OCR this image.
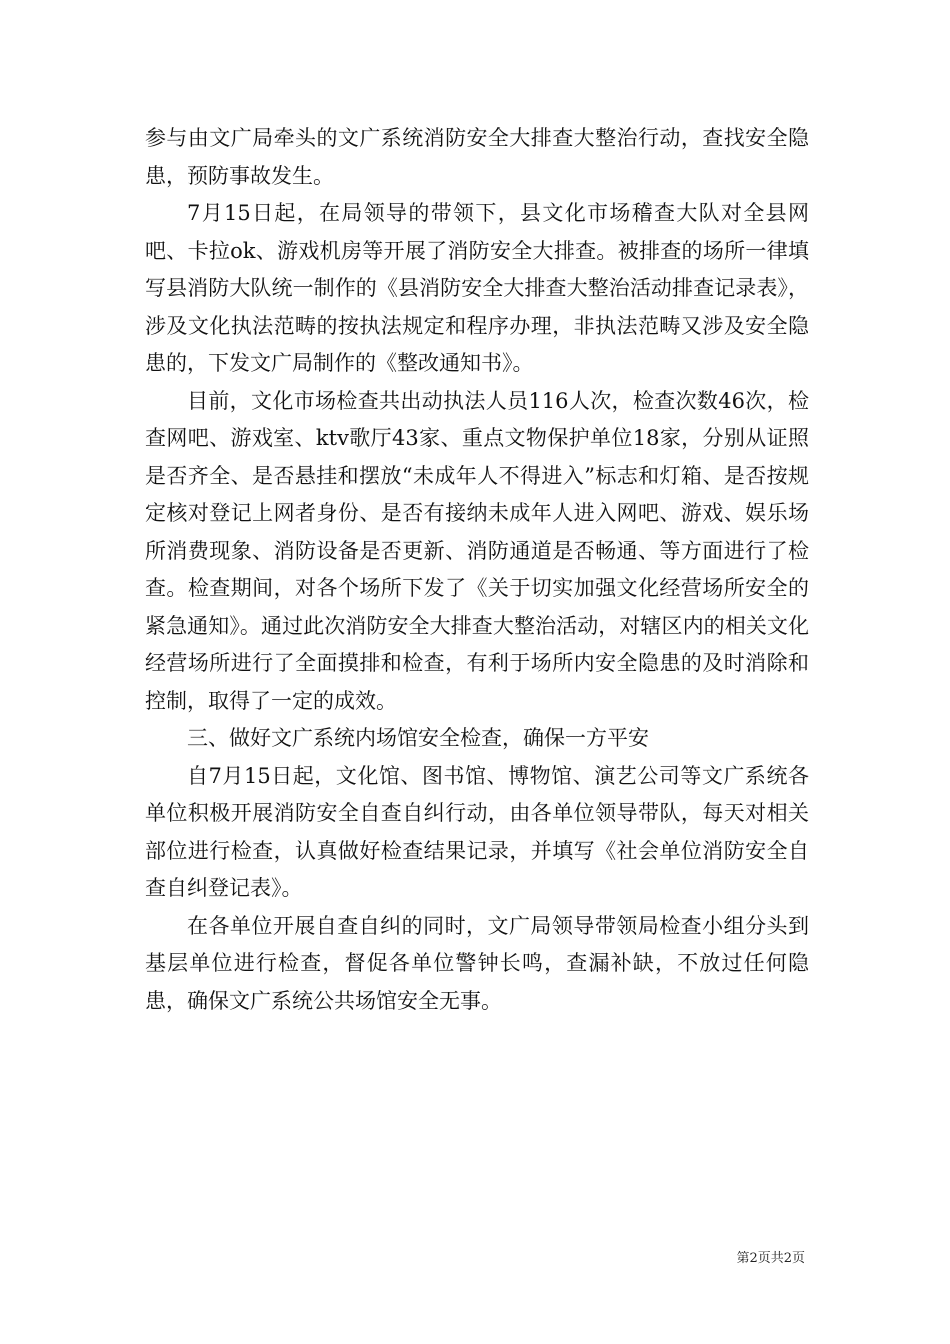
参与由文广局牵头的文广系统消防安全大排查大整治行动，查找安全隐患，预防事故发生。

7月15日起，在局领导的带领下，县文化市场稽查大队对全县网吧、卡拉ok、游戏机房等开展了消防安全大排查。被排查的场所一律填写县消防大队统一制作的《县消防安全大排查大整治活动排查记录表》，涉及文化执法范畴的按执法规定和程序办理，非执法范畴又涉及安全隐患的，下发文广局制作的《整改通知书》。

目前，文化市场检查共出动执法人员116人次，检查次数46次，检查网吧、游戏室、ktv歌厅43家、重点文物保护单位18家，分别从证照是否齐全、是否悬挂和摆放“未成年人不得进入”标志和灯箱、是否按规定核对登记上网者身份、是否有接纳未成年人进入网吧、游戏、娱乐场所消费现象、消防设备是否更新、消防通道是否畅通、等方面进行了检查。检查期间，对各个场所下发了《关于切实加强文化经营场所安全的紧急通知》。通过此次消防安全大排查大整治活动，对辖区内的相关文化经营场所进行了全面摸排和检查，有利于场所内安全隐患的及时消除和控制，取得了一定的成效。

三、做好文广系统内场馆安全检查，确保一方平安

自7月15日起，文化馆、图书馆、博物馆、演艺公司等文广系统各单位积极开展消防安全自查自纠行动，由各单位领导带队，每天对相关部位进行检查，认真做好检查结果记录，并填写《社会单位消防安全自查自纠登记表》。

在各单位开展自查自纠的同时，文广局领导带领局检查小组分头到基层单位进行检查，督促各单位警钟长鸣，查漏补缺，不放过任何隐患，确保文广系统公共场馆安全无事。

第2页共2页
